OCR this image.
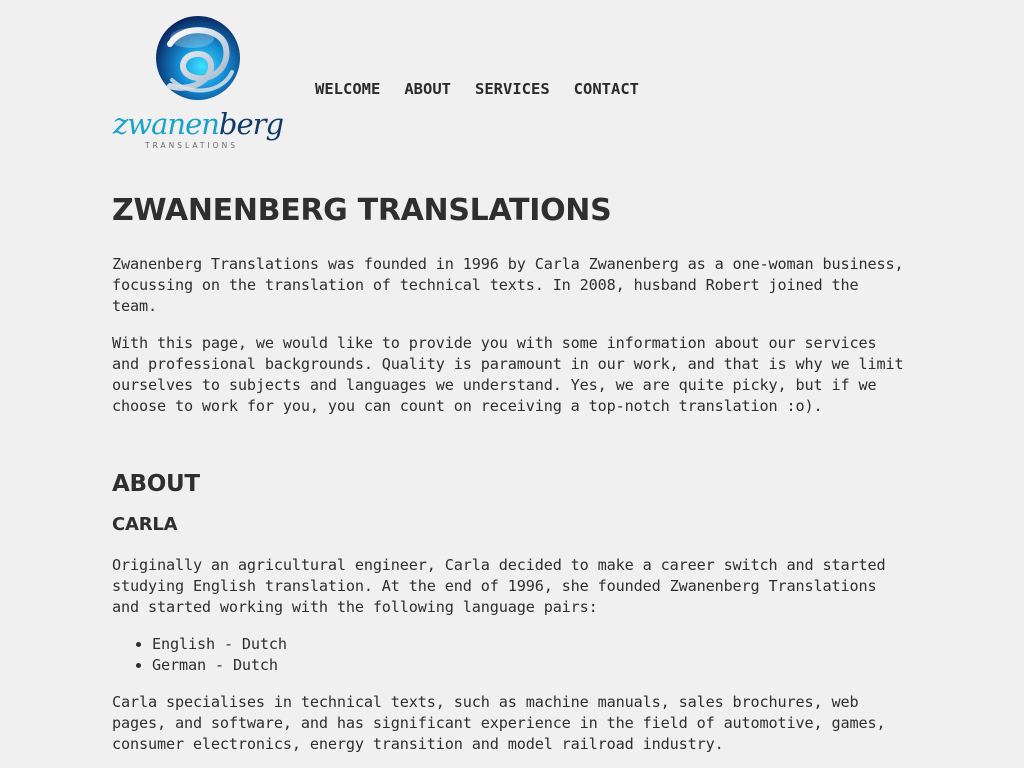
zwanenberg
TRANSLATIONS
WELCOME ABOUT SERVICES CONTACT
ZWANENBERG TRANSLATIONS

Zwanenberg Translations was founded in 1996 by Carla Zwanenberg as a one-woman business, focussing on the translation of technical texts. In 2008, husband Robert joined the team.

With this page, we would like to provide you with some information about our services and professional backgrounds. Quality is paramount in our work, and that is why we limit ourselves to subjects and languages we understand. Yes, we are quite picky, but if we choose to work for you, you can count on receiving a top-notch translation :o).

ABOUT
CARLA

Originally an agricultural engineer, Carla decided to make a career switch and started studying English translation. At the end of 1996, she founded Zwanenberg Translations and started working with the following language pairs:

• English - Dutch
• German - Dutch

Carla specialises in technical texts, such as machine manuals, sales brochures, web pages, and software, and has significant experience in the field of automotive, games, consumer electronics, energy transition and model railroad industry.
